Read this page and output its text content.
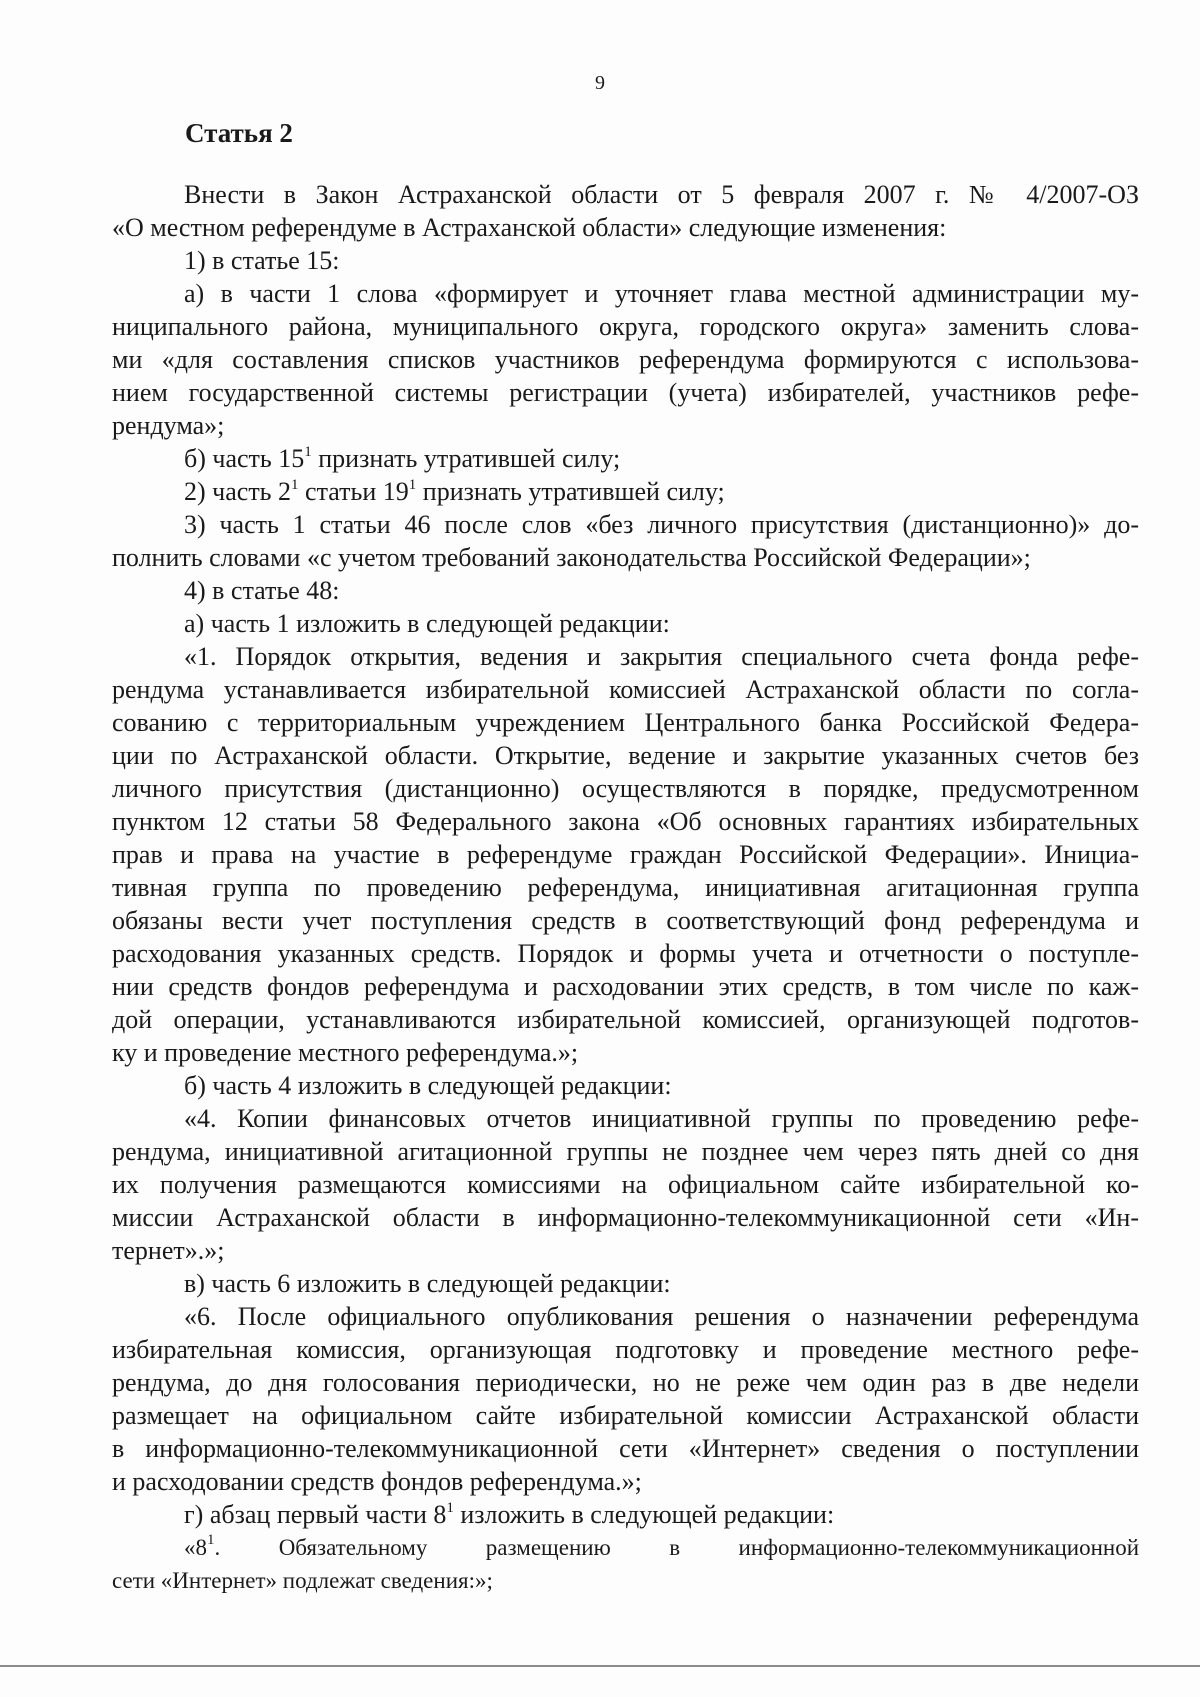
9
Статья 2
Внести в Закон Астраханской области от 5 февраля 2007 г. № 4/2007-ОЗ
«О местном референдуме в Астраханской области» следующие изменения:
1) в статье 15:
а) в части 1 слова «формирует и уточняет глава местной администрации му-
ниципального района, муниципального округа, городского округа» заменить слова-
ми «для составления списков участников референдума формируются с использова-
нием государственной системы регистрации (учета) избирателей, участников рефе-
рендума»;
б) часть $15^1$ признать утратившей силу;
2) часть $2^1$ статьи $19^1$ признать утратившей силу;
3) часть 1 статьи 46 после слов «без личного присутствия (дистанционно)» до-
полнить словами «с учетом требований законодательства Российской Федерации»;
4) в статье 48:
а) часть 1 изложить в следующей редакции:
«1. Порядок открытия, ведения и закрытия специального счета фонда рефе-
рендума устанавливается избирательной комиссией Астраханской области по согла-
сованию с территориальным учреждением Центрального банка Российской Федера-
ции по Астраханской области. Открытие, ведение и закрытие указанных счетов без
личного присутствия (дистанционно) осуществляются в порядке, предусмотренном
пунктом 12 статьи 58 Федерального закона «Об основных гарантиях избирательных
прав и права на участие в референдуме граждан Российской Федерации». Инициа-
тивная группа по проведению референдума, инициативная агитационная группа
обязаны вести учет поступления средств в соответствующий фонд референдума и
расходования указанных средств. Порядок и формы учета и отчетности о поступле-
нии средств фондов референдума и расходовании этих средств, в том числе по каж-
дой операции, устанавливаются избирательной комиссией, организующей подготов-
ку и проведение местного референдума.»;
б) часть 4 изложить в следующей редакции:
«4. Копии финансовых отчетов инициативной группы по проведению рефе-
рендума, инициативной агитационной группы не позднее чем через пять дней со дня
их получения размещаются комиссиями на официальном сайте избирательной ко-
миссии Астраханской области в информационно-телекоммуникационной сети «Ин-
тернет».»;
в) часть 6 изложить в следующей редакции:
«6. После официального опубликования решения о назначении референдума
избирательная комиссия, организующая подготовку и проведение местного рефе-
рендума, до дня голосования периодически, но не реже чем один раз в две недели
размещает на официальном сайте избирательной комиссии Астраханской области
в информационно-телекоммуникационной сети «Интернет» сведения о поступлении
и расходовании средств фондов референдума.»;
г) абзац первый части $8^1$ изложить в следующей редакции:
«$8^1$. Обязательному размещению в информационно-телекоммуникационной
сети «Интернет» подлежат сведения:»;
